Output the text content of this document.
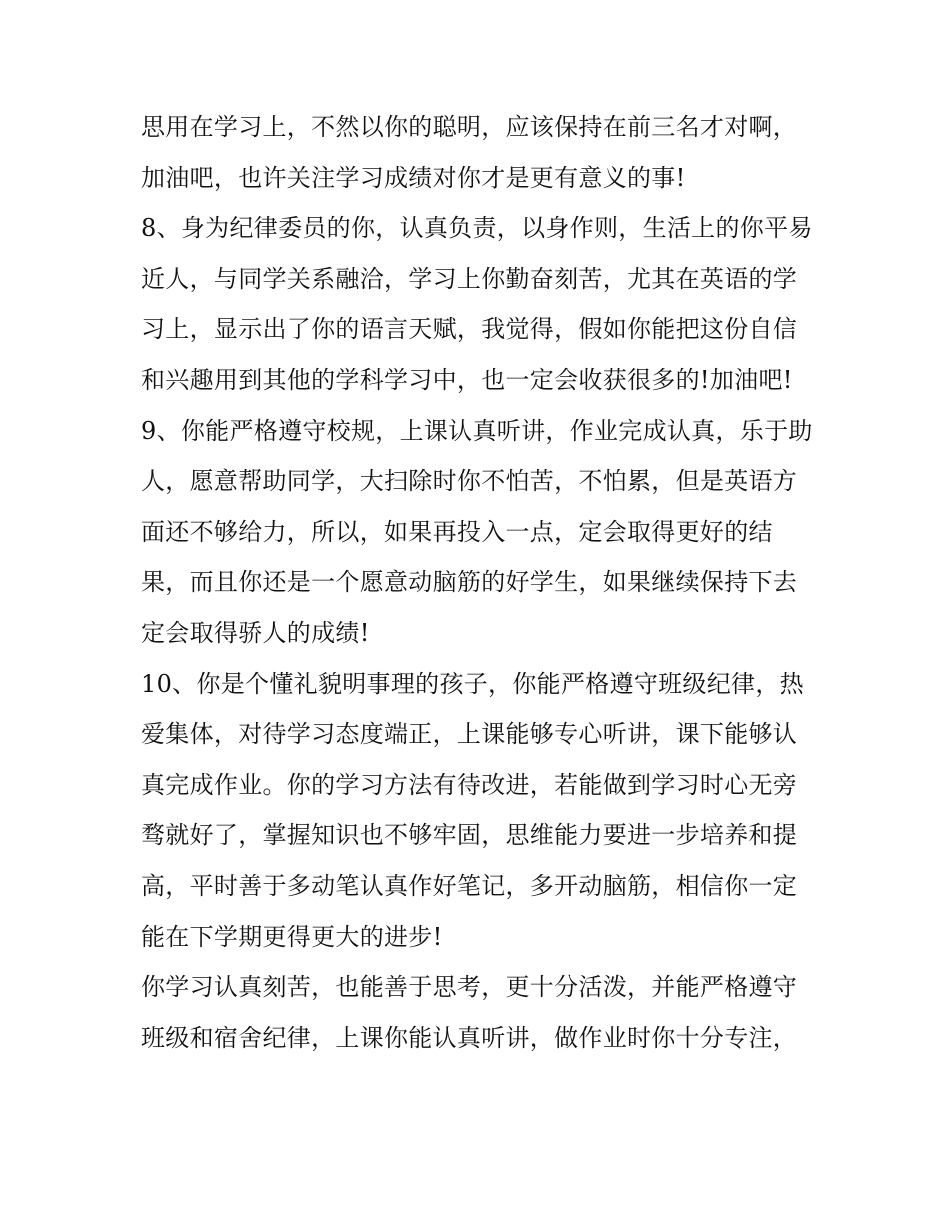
思用在学习上，不然以你的聪明，应该保持在前三名才对啊，加油吧，也许关注学习成绩对你才是更有意义的事!

8、身为纪律委员的你，认真负责，以身作则，生活上的你平易近人，与同学关系融洽，学习上你勤奋刻苦，尤其在英语的学习上，显示出了你的语言天赋，我觉得，假如你能把这份自信和兴趣用到其他的学科学习中，也一定会收获很多的!加油吧!

9、你能严格遵守校规，上课认真听讲，作业完成认真，乐于助人，愿意帮助同学，大扫除时你不怕苦，不怕累，但是英语方面还不够给力，所以，如果再投入一点，定会取得更好的结果，而且你还是一个愿意动脑筋的好学生，如果继续保持下去定会取得骄人的成绩!

10、你是个懂礼貌明事理的孩子，你能严格遵守班级纪律，热爱集体，对待学习态度端正，上课能够专心听讲，课下能够认真完成作业。你的学习方法有待改进，若能做到学习时心无旁骛就好了，掌握知识也不够牢固，思维能力要进一步培养和提高，平时善于多动笔认真作好笔记，多开动脑筋，相信你一定能在下学期更得更大的进步!

你学习认真刻苦，也能善于思考，更十分活泼，并能严格遵守班级和宿舍纪律，上课你能认真听讲，做作业时你十分专注，
